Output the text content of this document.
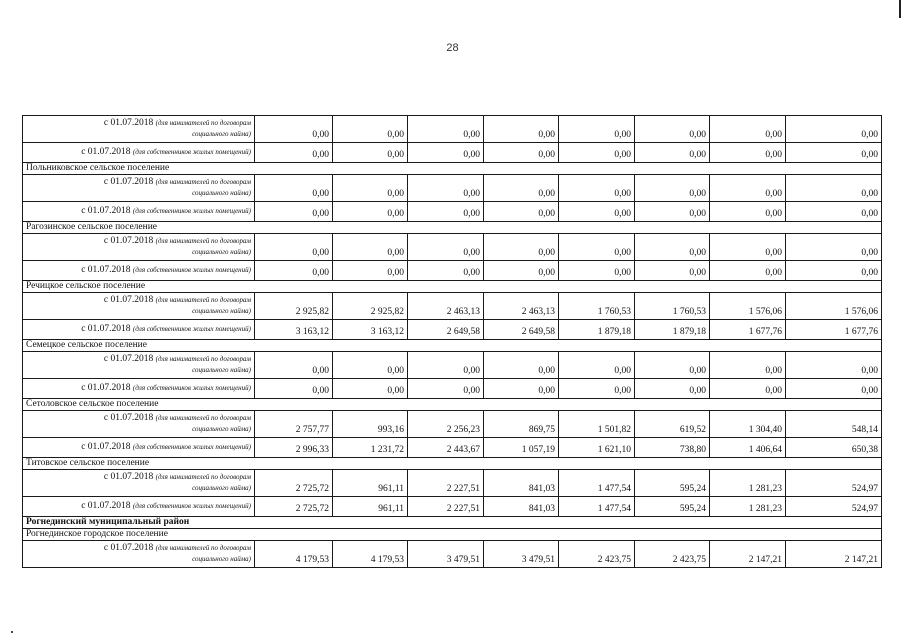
28
с 01.07.2018 (для нанимателей по договорам
социального найма)	0,00	0,00	0,00	0,00	0,00	0,00	0,00	0,00

с 01.07.2018 (для собственников жилых помещений)	0,00	0,00	0,00	0,00	0,00	0,00	0,00	0,00
Польниковское сельское поселение								

с 01.07.2018 (для нанимателей по договорам
социального найма)	0,00	0,00	0,00	0,00	0,00	0,00	0,00	0,00

с 01.07.2018 (для собственников жилых помещений)	0,00	0,00	0,00	0,00	0,00	0,00	0,00	0,00
Рагозинское сельское поселение								

с 01.07.2018 (для нанимателей по договорам
социального найма)	0,00	0,00	0,00	0,00	0,00	0,00	0,00	0,00

с 01.07.2018 (для собственников жилых помещений)	0,00	0,00	0,00	0,00	0,00	0,00	0,00	0,00
Речицкое сельское поселение								

с 01.07.2018 (для нанимателей по договорам
социального найма)	2 925,82	2 925,82	2 463,13	2 463,13	1 760,53	1 760,53	1 576,06	1 576,06

с 01.07.2018 (для собственников жилых помещений)	3 163,12	3 163,12	2 649,58	2 649,58	1 879,18	1 879,18	1 677,76	1 677,76
Семецкое сельское поселение								

с 01.07.2018 (для нанимателей по договорам
социального найма)	0,00	0,00	0,00	0,00	0,00	0,00	0,00	0,00

с 01.07.2018 (для собственников жилых помещений)	0,00	0,00	0,00	0,00	0,00	0,00	0,00	0,00
Сетоловское сельское поселение								

с 01.07.2018 (для нанимателей по договорам
социального найма)	2 757,77	993,16	2 256,23	869,75	1 501,82	619,52	1 304,40	548,14

с 01.07.2018 (для собственников жилых помещений)	2 996,33	1 231,72	2 443,67	1 057,19	1 621,10	738,80	1 406,64	650,38
Титовское сельское поселение								

с 01.07.2018 (для нанимателей по договорам
социального найма)	2 725,72	961,11	2 227,51	841,03	1 477,54	595,24	1 281,23	524,97

с 01.07.2018 (для собственников жилых помещений)	2 725,72	961,11	2 227,51	841,03	1 477,54	595,24	1 281,23	524,97
Рогнединский муниципальный район								
Рогнединское городское поселение								

с 01.07.2018 (для нанимателей по договорам
социального найма)	4 179,53	4 179,53	3 479,51	3 479,51	2 423,75	2 423,75	2 147,21	2 147,21
